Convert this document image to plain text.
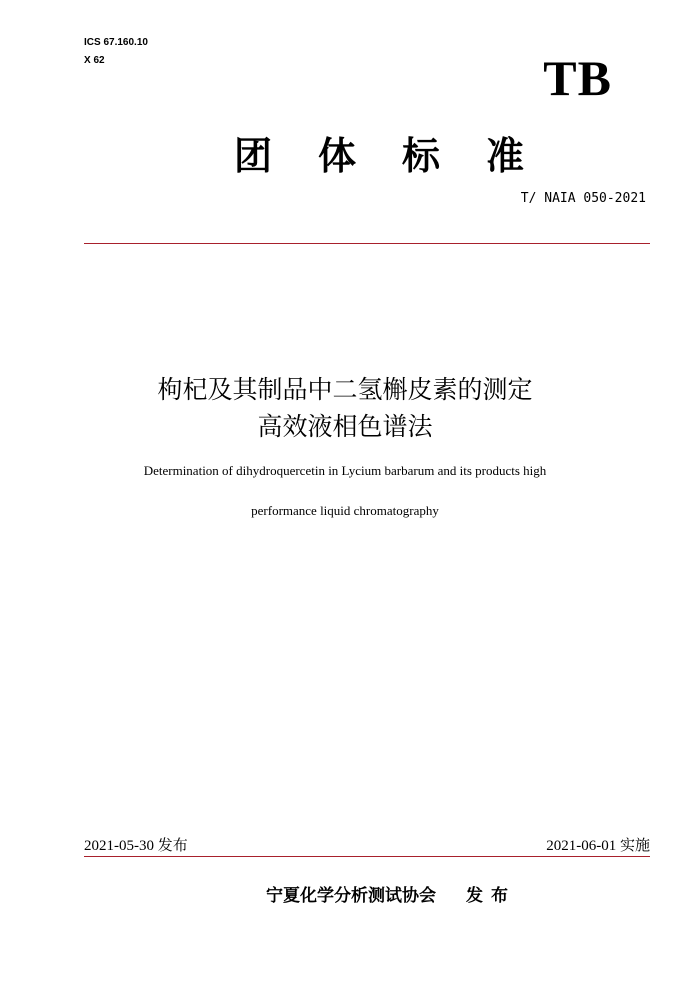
ICS 67.160.10
X 62	TB
团 体 标 准
T/ NAIA 050-2021
枸杞及其制品中二氢槲皮素的测定
高效液相色谱法
Determination of dihydroquercetin in Lycium barbarum and its products high
performance liquid chromatography
2021-05-30 发布	2021-06-01 实施
宁夏化学分析测试协会 发布
